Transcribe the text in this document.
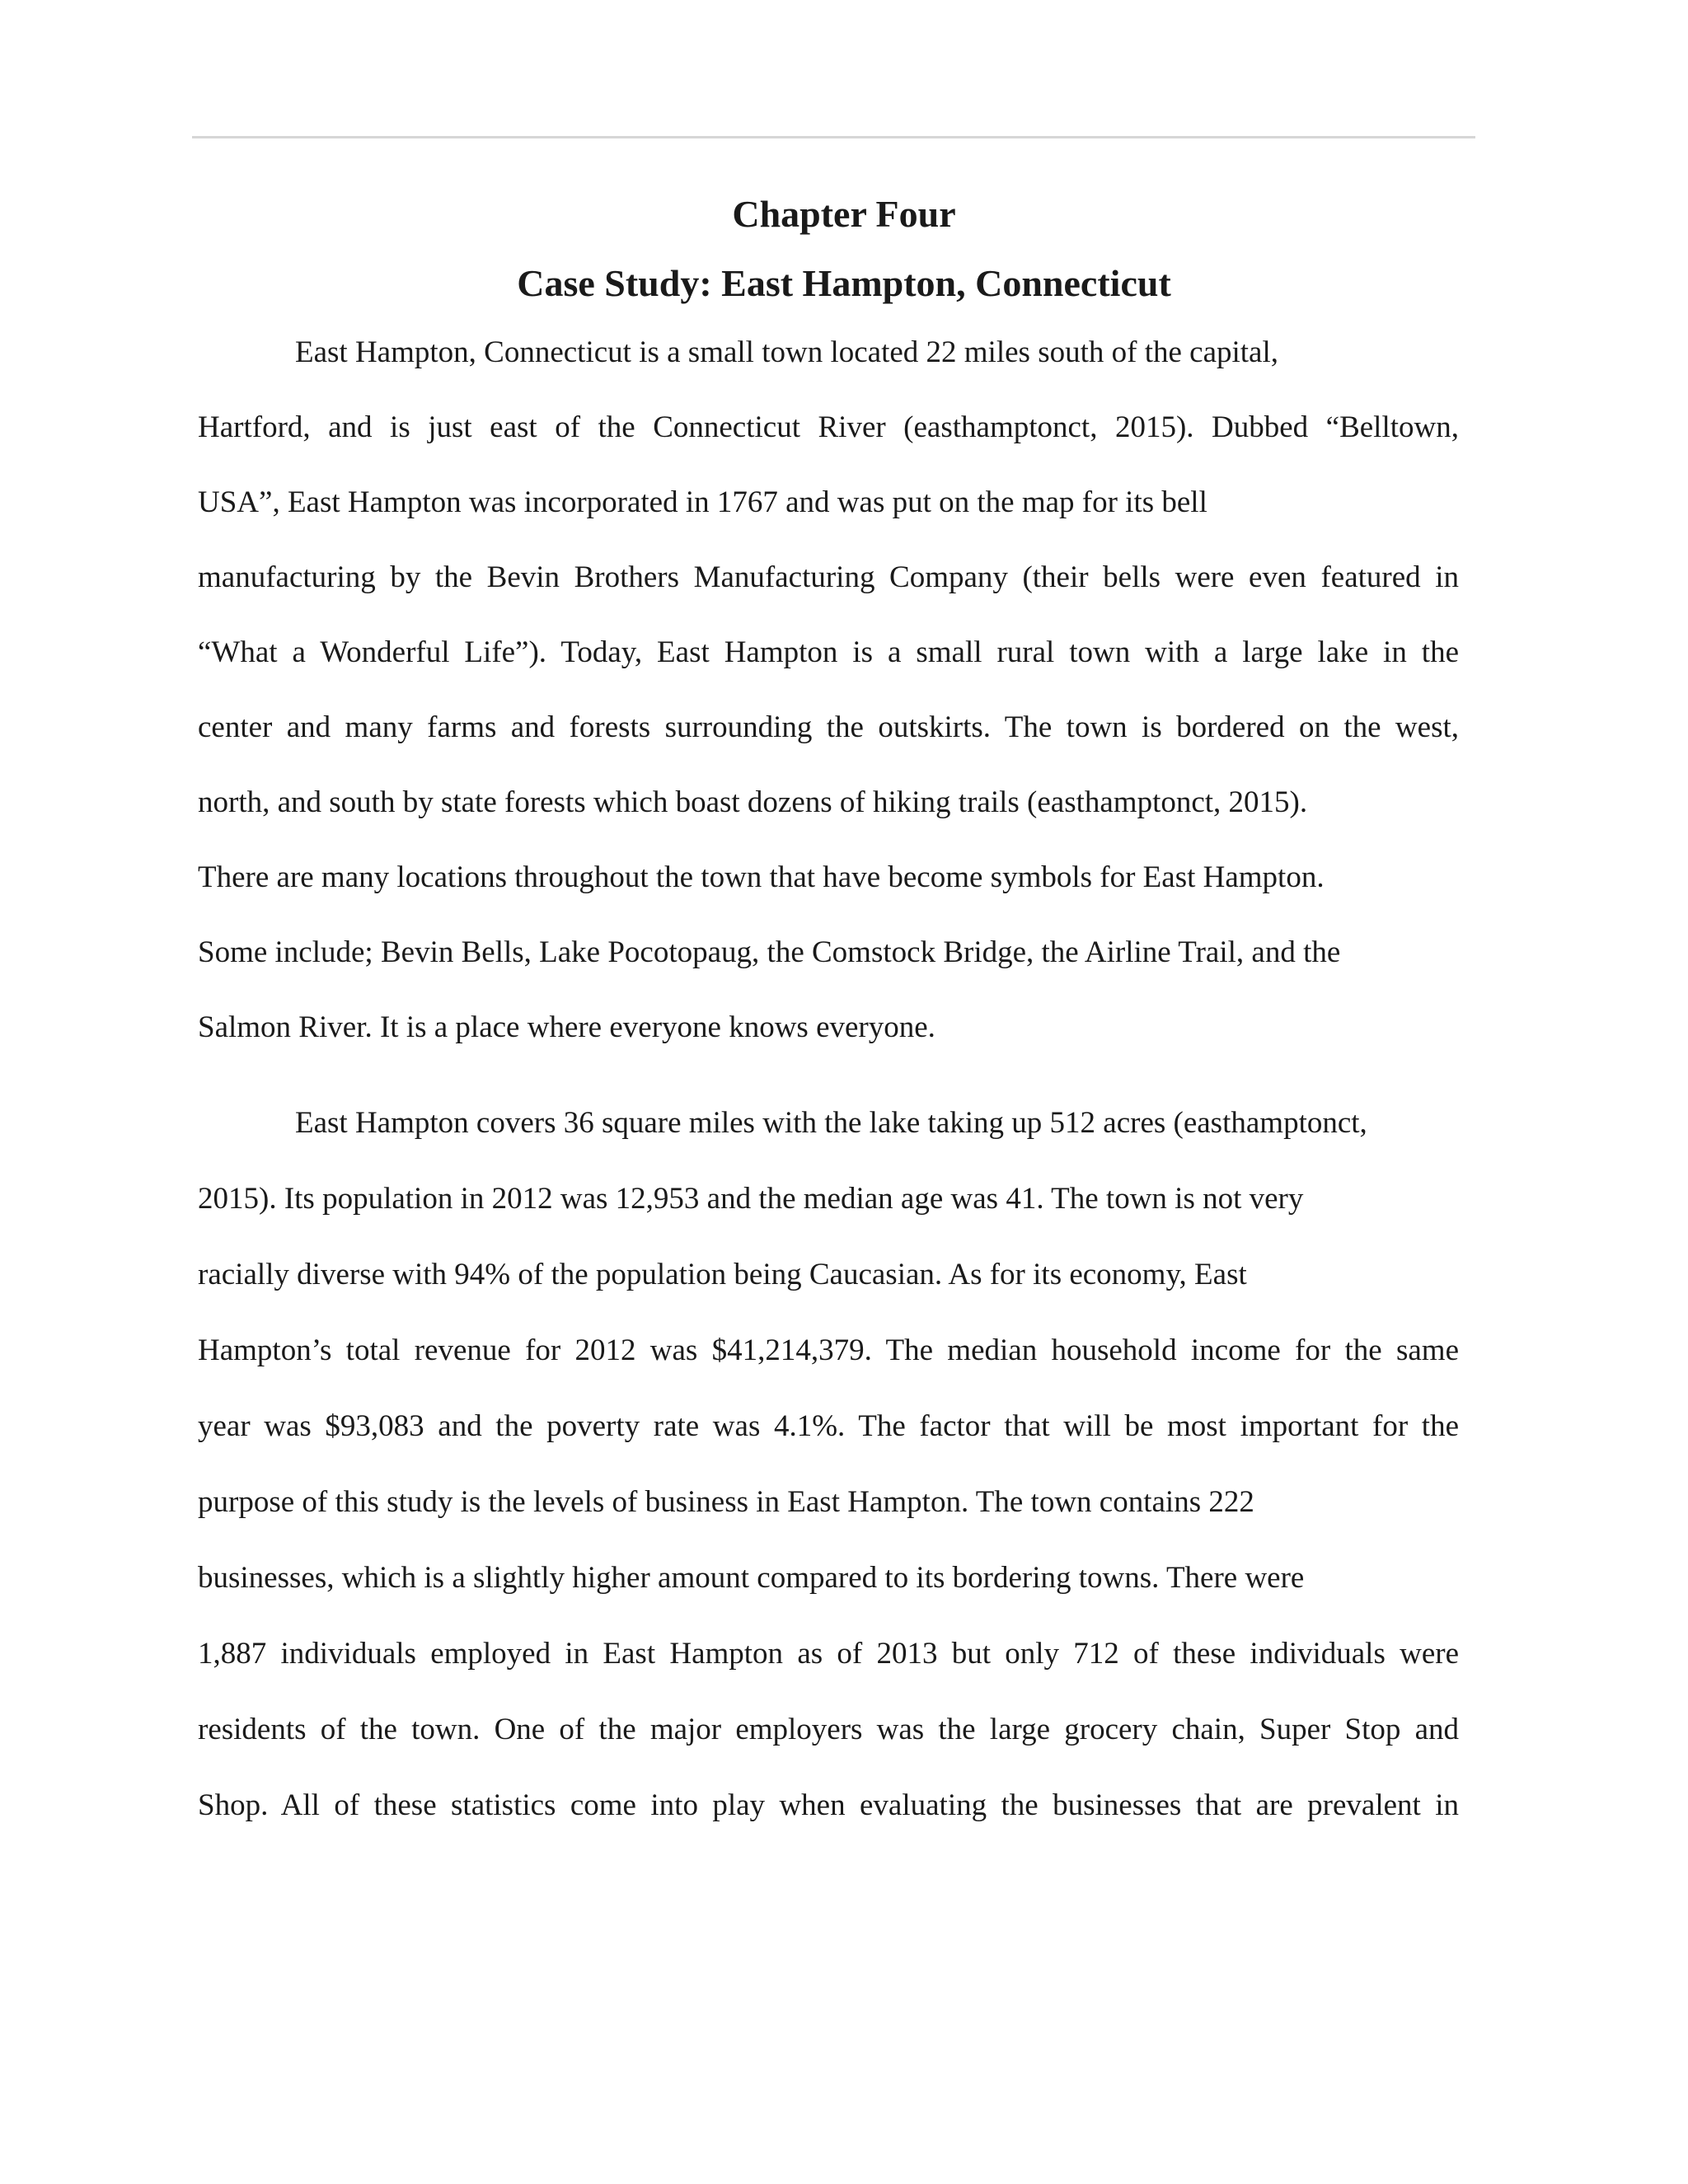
Chapter Four
Case Study: East Hampton, Connecticut
East Hampton, Connecticut is a small town located 22 miles south of the capital,
Hartford, and is just east of the Connecticut River (easthamptonct, 2015). Dubbed “Belltown,
USA”, East Hampton was incorporated in 1767 and was put on the map for its bell
manufacturing by the Bevin Brothers Manufacturing Company (their bells were even featured in
“What a Wonderful Life”). Today, East Hampton is a small rural town with a large lake in the
center and many farms and forests surrounding the outskirts. The town is bordered on the west,
north, and south by state forests which boast dozens of hiking trails (easthamptonct, 2015).
There are many locations throughout the town that have become symbols for East Hampton.
Some include; Bevin Bells, Lake Pocotopaug, the Comstock Bridge, the Airline Trail, and the
Salmon River. It is a place where everyone knows everyone.
East Hampton covers 36 square miles with the lake taking up 512 acres (easthamptonct,
2015). Its population in 2012 was 12,953 and the median age was 41. The town is not very
racially diverse with 94% of the population being Caucasian. As for its economy, East
Hampton’s total revenue for 2012 was $41,214,379. The median household income for the same
year was $93,083 and the poverty rate was 4.1%. The factor that will be most important for the
purpose of this study is the levels of business in East Hampton. The town contains 222
businesses, which is a slightly higher amount compared to its bordering towns. There were
1,887 individuals employed in East Hampton as of 2013 but only 712 of these individuals were
residents of the town. One of the major employers was the large grocery chain, Super Stop and
Shop. All of these statistics come into play when evaluating the businesses that are prevalent in
